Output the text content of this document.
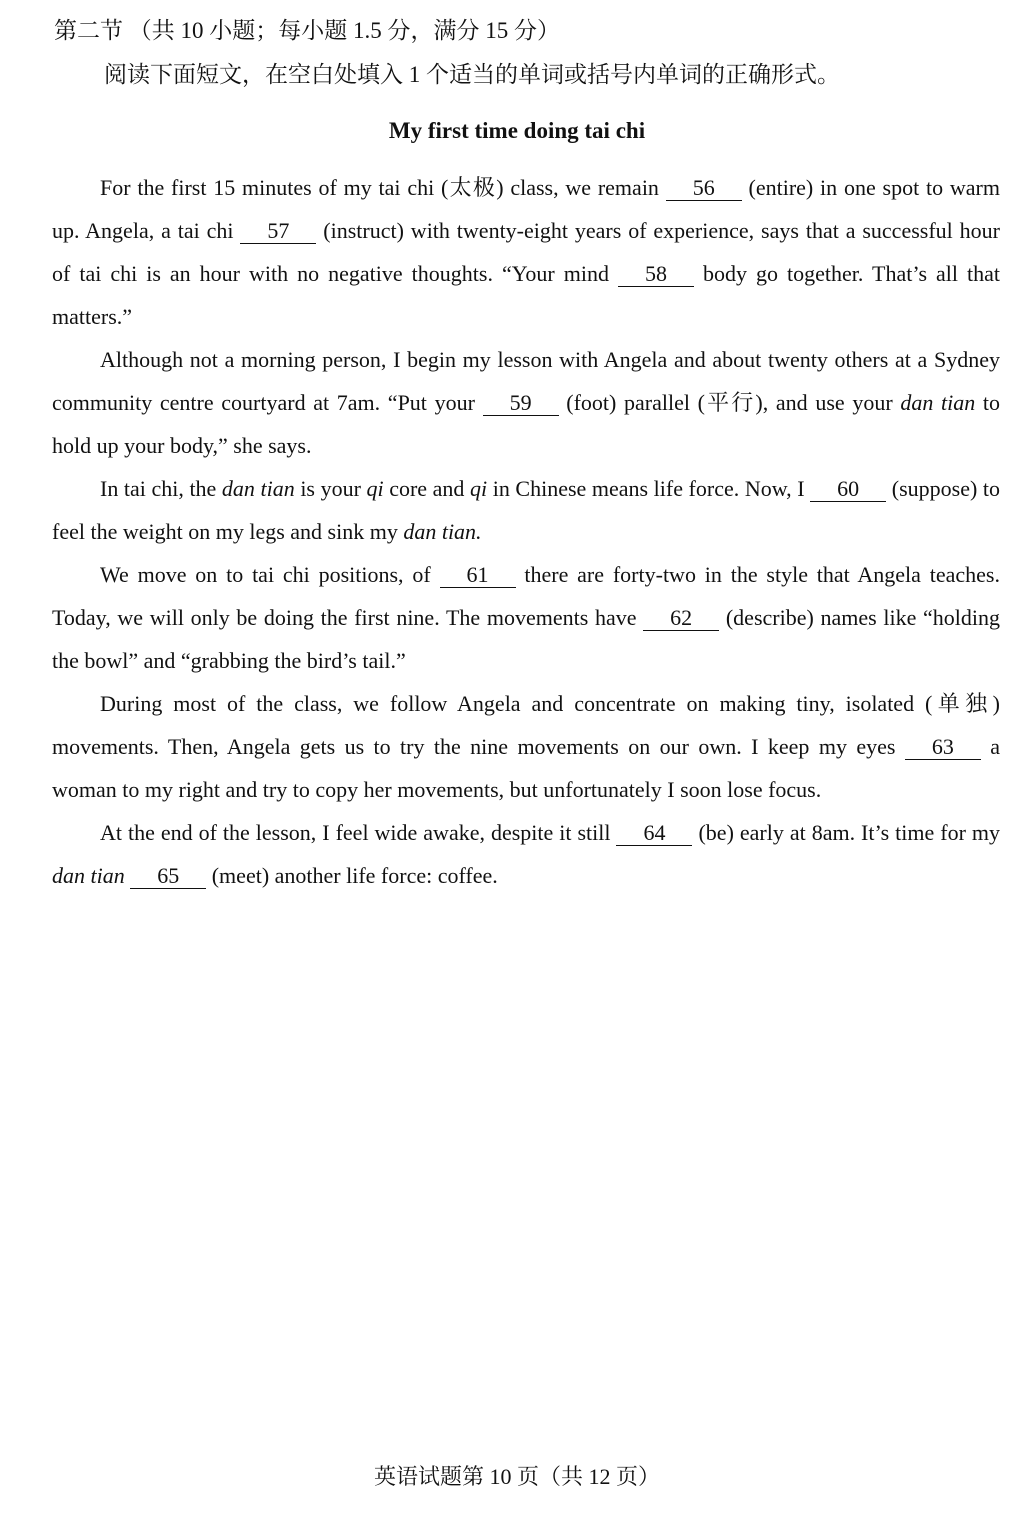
第二节 （共 10 小题；每小题 1.5 分，满分 15 分）
阅读下面短文，在空白处填入 1 个适当的单词或括号内单词的正确形式。
My first time doing tai chi

For the first 15 minutes of my tai chi (太极) class, we remain 56 (entire) in one spot to warm up. Angela, a tai chi 57 (instruct) with twenty-eight years of experience, says that a successful hour of tai chi is an hour with no negative thoughts. “Your mind 58 body go together. That’s all that matters.”

Although not a morning person, I begin my lesson with Angela and about twenty others at a Sydney community centre courtyard at 7am. “Put your 59 (foot) parallel (平行), and use your dan tian to hold up your body,” she says.

In tai chi, the dan tian is your qi core and qi in Chinese means life force. Now, I 60 (suppose) to feel the weight on my legs and sink my dan tian.

We move on to tai chi positions, of 61 there are forty-two in the style that Angela teaches. Today, we will only be doing the first nine. The movements have 62 (describe) names like “holding the bowl” and “grabbing the bird’s tail.”

During most of the class, we follow Angela and concentrate on making tiny, isolated (单独) movements. Then, Angela gets us to try the nine movements on our own. I keep my eyes 63 a woman to my right and try to copy her movements, but unfortunately I soon lose focus.

At the end of the lesson, I feel wide awake, despite it still 64 (be) early at 8am. It’s time for my dan tian 65 (meet) another life force: coffee.

英语试题第 10 页（共 12 页）
